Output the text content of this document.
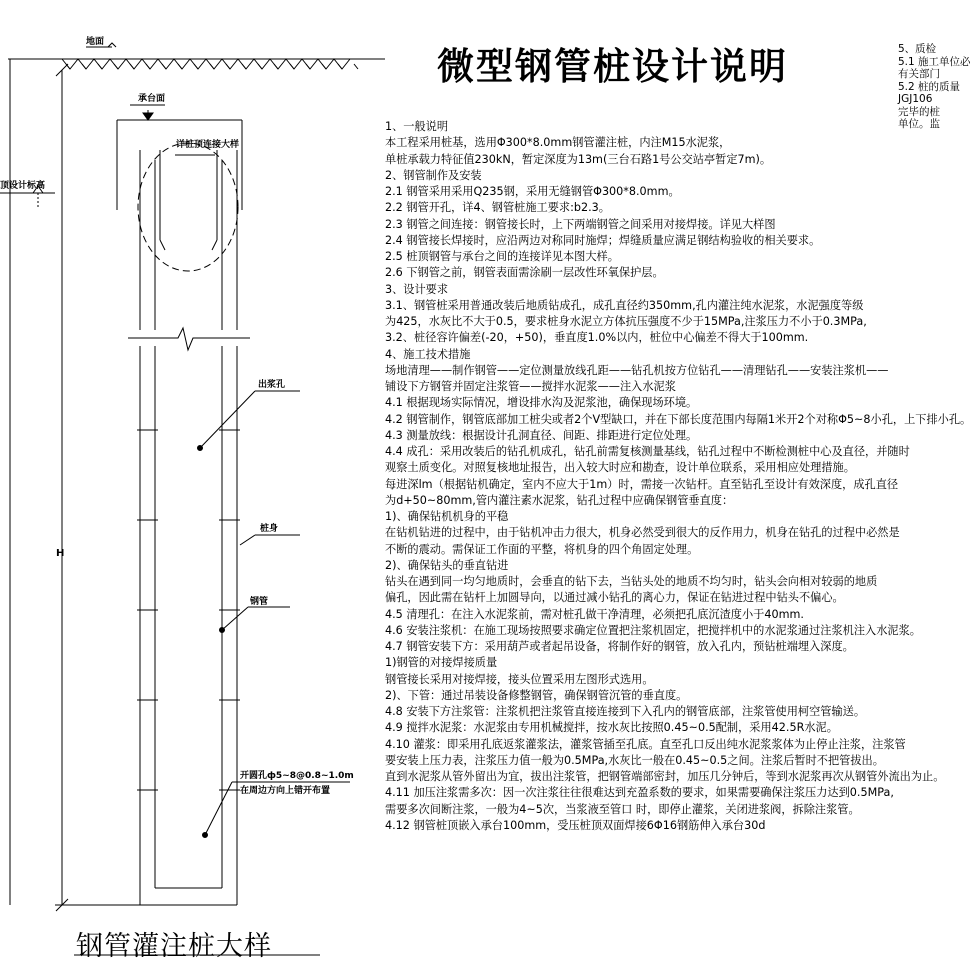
地面
承台面
详桩顶连接大样
顶设计标高
出浆孔
桩身
钢管
H
开圆孔ф5~8@0.8~1.0m
在周边方向上错开布置
钢管灌注桩大样
微型钢管桩设计说明
1、一般说明
本工程采用桩基，选用Φ300*8.0mm钢管灌注桩，内注M15水泥浆，
单桩承载力特征值230kN，暂定深度为13m(三台石路1号公交站亭暂定7m)。
2、钢管制作及安装
2.1 钢管采用采用Q235钢，采用无缝钢管Φ300*8.0mm。
2.2 钢管开孔，详4、钢管桩施工要求:b2.3。
2.3 钢管之间连接：钢管接长时，上下两端钢管之间采用对接焊接。详见大样图
2.4 钢管接长焊接时，应沿两边对称同时施焊；焊缝质量应满足钢结构验收的相关要求。
2.5 桩顶钢管与承台之间的连接详见本图大样。
2.6 下钢管之前，钢管表面需涂刷一层改性环氧保护层。
3、设计要求
3.1、钢管桩采用普通改装后地质钻成孔，成孔直径约350mm,孔内灌注纯水泥浆，水泥强度等级
为425，水灰比不大于0.5，要求桩身水泥立方体抗压强度不少于15MPa,注浆压力不小于0.3MPa,
3.2、桩径容许偏差(-20，+50)，垂直度1.0%以内，桩位中心偏差不得大于100mm.
4、施工技术措施
场地清理——制作钢管——定位测量放线孔距——钻孔机按方位钻孔——清理钻孔——安装注浆机——
铺设下方钢管并固定注浆管——搅拌水泥浆——注入水泥浆
4.1 根据现场实际情况，增设排水沟及泥浆池，确保现场环境。
4.2 钢管制作，钢管底部加工桩尖或者2个V型缺口，并在下部长度范围内每隔1米开2个对称Φ5~8小孔，上下排小孔。
4.3 测量放线：根据设计孔洞直径、间距、排距进行定位处理。
4.4 成孔：采用改装后的钻孔机成孔，钻孔前需复核测量基线，钻孔过程中不断检测桩中心及直径，并随时
观察土质变化。对照复核地址报告，出入较大时应和勘查，设计单位联系，采用相应处理措施。
每进深lm（根据钻机确定，室内不应大于1m）时，需接一次钻杆。直至钻孔至设计有效深度，成孔直径
为d+50~80mm,管内灌注素水泥浆，钻孔过程中应确保钢管垂直度：
1)、确保钻机机身的平稳
在钻机钻进的过程中，由于钻机冲击力很大，机身必然受到很大的反作用力，机身在钻孔的过程中必然是
不断的震动。需保证工作面的平整，将机身的四个角固定处理。
2)、确保钻头的垂直钻进
钻头在遇到同一均匀地质时，会垂直的钻下去，当钻头处的地质不均匀时，钻头会向相对较弱的地质
偏孔，因此需在钻杆上加圆导向，以通过减小钻孔的离心力，保证在钻进过程中钻头不偏心。
4.5 清理孔：在注入水泥浆前，需对桩孔做干净清理，必须把孔底沉渣度小于40mm.
4.6 安装注浆机：在施工现场按照要求确定位置把注浆机固定，把搅拌机中的水泥浆通过注浆机注入水泥浆。
4.7 钢管安装下方：采用葫芦或者起吊设备，将制作好的钢管，放入孔内，预钻桩端埋入深度。
1)钢管的对接焊接质量
钢管接长采用对接焊接，接头位置采用左图形式选用。
2)、下管：通过吊装设备修整钢管，确保钢管沉管的垂直度。
4.8 安装下方注浆管：注浆机把注浆管直接连接到下入孔内的钢管底部，注浆管使用柯空管输送。
4.9 搅拌水泥浆：水泥浆由专用机械搅拌，按水灰比按照0.45~0.5配制，采用42.5R水泥。
4.10 灌浆：即采用孔底返浆灌浆法，灌浆管插至孔底。直至孔口反出纯水泥浆浆体为止停止注浆，注浆管
要安装上压力表，注浆压力值一般为0.5MPa,水灰比一般在0.45~0.5之间。注浆后暂时不把管拔出。
直到水泥浆从管外留出为宜，拔出注浆管，把钢管端部密封，加压几分钟后，等到水泥浆再次从钢管外流出为止。
4.11 加压注浆需多次：因一次注浆往往很难达到充盈系数的要求，如果需要确保注浆压力达到0.5MPa,
需要多次间断注浆，一般为4~5次，当浆液至管口 时，即停止灌浆，关闭进浆阀，拆除注浆管。
4.12 钢管桩顶嵌入承台100mm，受压桩顶双面焊接6Φ16钢筋伸入承台30d
5、质检
5.1 施工单位必
有关部门
5.2 桩的质量
JGJ106
完毕的桩
单位。监
